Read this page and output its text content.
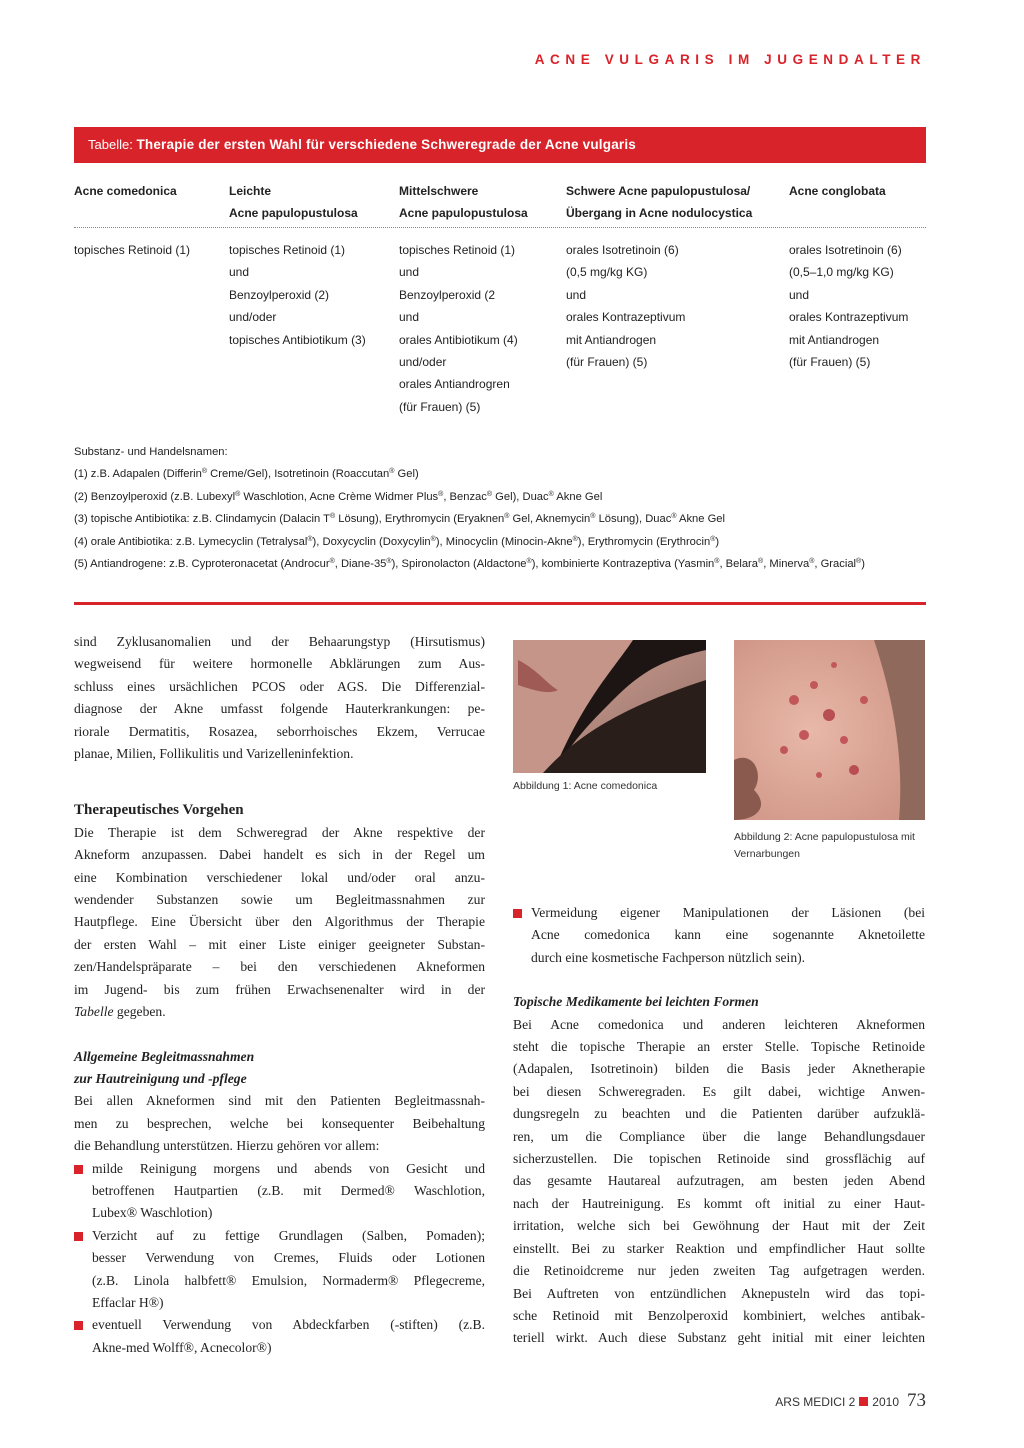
ACNE VULGARIS IM JUGENDALTER
Tabelle: Therapie der ersten Wahl für verschiedene Schweregrade der Acne vulgaris
Acne comedonica	Leichte
Acne papulopustulosa
Mittelschwere
Acne papulopustulosa
Schwere Acne papulopustulosa/
Übergang in Acne nodulocystica
Acne conglobata
topisches Retinoid (1)	topisches Retinoid (1)
und
Benzoylperoxid (2)
und/oder
topisches Antibiotikum (3)
topisches Retinoid (1)
und
Benzoylperoxid (2
und
orales Antibiotikum (4)
und/oder
orales Antiandrogren
(für Frauen) (5)
orales Isotretinoin (6)
(0,5 mg/kg KG)
und
orales Kontrazeptivum
mit Antiandrogen
(für Frauen) (5)
orales Isotretinoin (6)
(0,5–1,0 mg/kg KG)
und
orales Kontrazeptivum
mit Antiandrogen
(für Frauen) (5)
Substanz- und Handelsnamen:
(1) z.B. Adapalen (Differin® Creme/Gel), Isotretinoin (Roaccutan® Gel)
(2) Benzoylperoxid (z.B. Lubexyl® Waschlotion, Acne Crème Widmer Plus®, Benzac® Gel), Duac® Akne Gel
(3) topische Antibiotika: z.B. Clindamycin (Dalacin T® Lösung), Erythromycin (Eryaknen® Gel, Aknemycin® Lösung), Duac® Akne Gel
(4) orale Antibiotika: z.B. Lymecyclin (Tetralysal®), Doxycyclin (Doxycylin®), Minocyclin (Minocin-Akne®), Erythromycin (Erythrocin®)
(5) Antiandrogene: z.B. Cyproteronacetat (Androcur®, Diane-35®), Spironolacton (Aldactone®), kombinierte Kontrazeptiva (Yasmin®, Belara®, Minerva®, Gracial®)

sind Zyklusanomalien und der Behaarungstyp (Hirsutismus)

wegweisend für weitere hormonelle Abklärungen zum Aus-

schluss eines ursächlichen PCOS oder AGS. Die Differenzial-

diagnose der Akne umfasst folgende Hauterkrankungen: pe-

riorale Dermatitis, Rosazea, seborrhoisches Ekzem, Verrucae

planae, Milien, Follikulitis und Varizelleninfektion.

Therapeutisches Vorgehen

Die Therapie ist dem Schweregrad der Akne respektive der

Akneform anzupassen. Dabei handelt es sich in der Regel um

eine Kombination verschiedener lokal und/oder oral anzu-

wendender Substanzen sowie um Begleitmassnahmen zur

Hautpflege. Eine Übersicht über den Algorithmus der Therapie

der ersten Wahl – mit einer Liste einiger geeigneter Substan-

zen/Handelspräparate – bei den verschiedenen Akneformen

im Jugend- bis zum frühen Erwachsenenalter wird in der

Tabelle gegeben.

Allgemeine Begleitmassnahmen

zur Hautreinigung und -pflege

Bei allen Akneformen sind mit den Patienten Begleitmassnah-

men zu besprechen, welche bei konsequenter Beibehaltung

die Behandlung unterstützen. Hierzu gehören vor allem:

milde Reinigung morgens und abends von Gesicht und

betroffenen Hautpartien (z.B. mit Dermed® Waschlotion,

Lubex® Waschlotion)

Verzicht auf zu fettige Grundlagen (Salben, Pomaden);

besser Verwendung von Cremes, Fluids oder Lotionen

(z.B. Linola halbfett® Emulsion, Normaderm® Pflegecreme,

Effaclar H®)

eventuell Verwendung von Abdeckfarben (-stiften) (z.B.

Akne-med Wolff®, Acnecolor®)

Abbildung 1: Acne comedonica
Abbildung 2: Acne papulopustulosa mit
Vernarbungen

Vermeidung eigener Manipulationen der Läsionen (bei

Acne comedonica kann eine sogenannte Aknetoilette

durch eine kosmetische Fachperson nützlich sein).

Topische Medikamente bei leichten Formen

Bei Acne comedonica und anderen leichteren Akneformen

steht die topische Therapie an erster Stelle. Topische Retinoide

(Adapalen, Isotretinoin) bilden die Basis jeder Aknetherapie

bei diesen Schweregraden. Es gilt dabei, wichtige Anwen-

dungsregeln zu beachten und die Patienten darüber aufzuklä-

ren, um die Compliance über die lange Behandlungsdauer

sicherzustellen. Die topischen Retinoide sind grossflächig auf

das gesamte Hautareal aufzutragen, am besten jeden Abend

nach der Hautreinigung. Es kommt oft initial zu einer Haut-

irritation, welche sich bei Gewöhnung der Haut mit der Zeit

einstellt. Bei zu starker Reaktion und empfindlicher Haut sollte

die Retinoidcreme nur jeden zweiten Tag aufgetragen werden.

Bei Auftreten von entzündlichen Aknepusteln wird das topi-

sche Retinoid mit Benzolperoxid kombiniert, welches antibak-

teriell wirkt. Auch diese Substanz geht initial mit einer leichten

ARS MEDICI 2 2010 73
